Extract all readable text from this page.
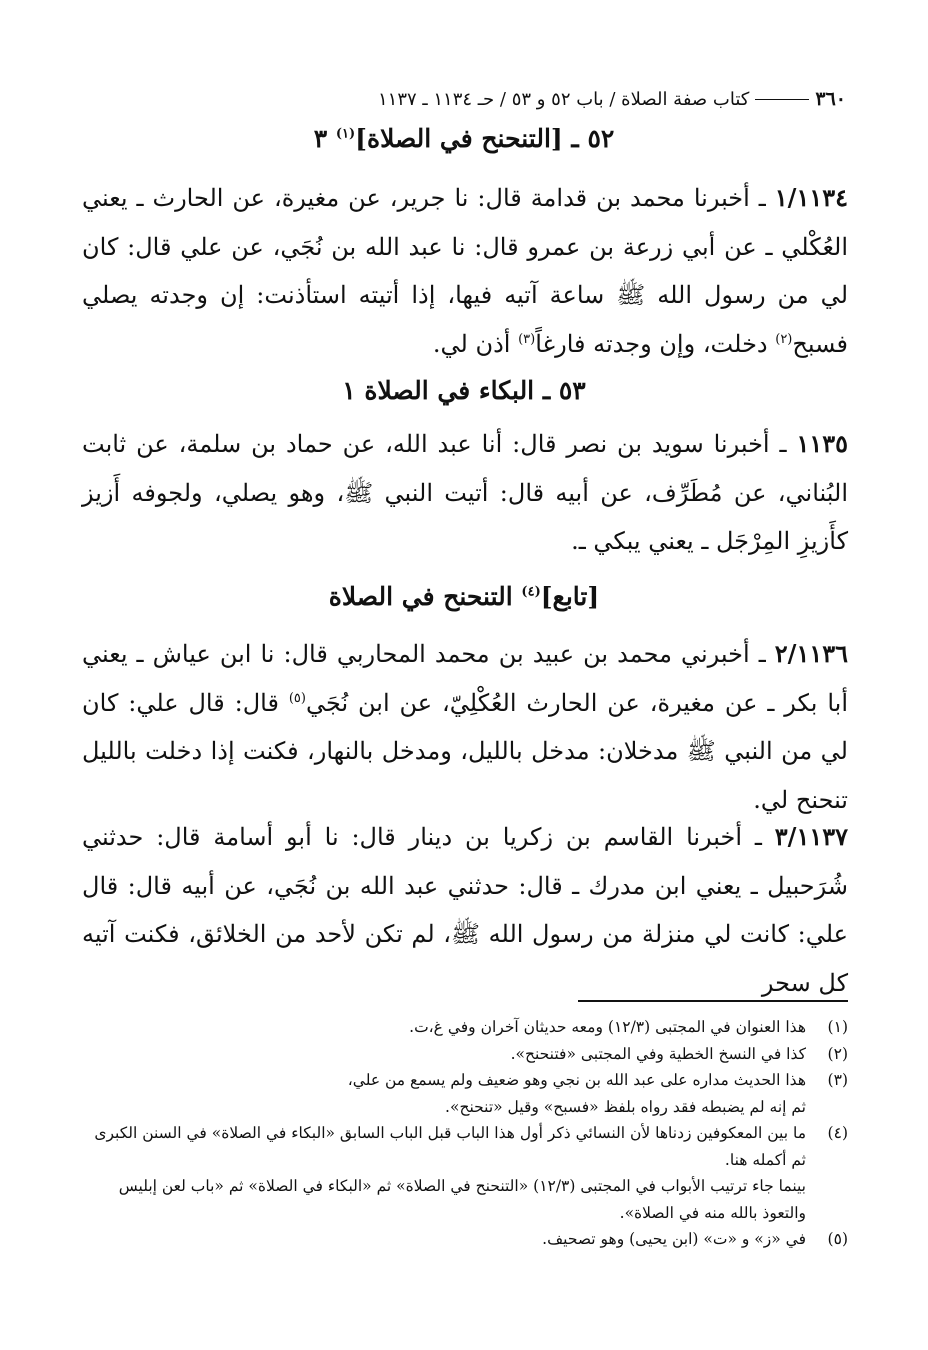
٣٦٠
كتاب صفة الصلاة / باب ٥٢ و ٥٣ / حـ ١١٣٤ ـ ١١٣٧
٥٢ ـ [التنحنح في الصلاة]$^{(١)}$ ٣
١/١١٣٤ ـ أخبرنا محمد بن قدامة قال: نا جرير، عن مغيرة، عن الحارث ـ يعني العُكْلي ـ عن أبي زرعة بن عمرو قال: نا عبد الله بن نُجَي، عن علي قال: كان لي من رسول الله ﷺ ساعة آتيه فيها، إذا أتيته استأذنت: إن وجدته يصلي فسبح$^{(٢)}$ دخلت، وإن وجدته فارغاً$^{(٣)}$ أذن لي.
٥٣ ـ البكاء في الصلاة ١
١١٣٥ ـ أخبرنا سويد بن نصر قال: أنا عبد الله، عن حماد بن سلمة، عن ثابت البُناني، عن مُطَرِّف، عن أبيه قال: أتيت النبي ﷺ، وهو يصلي، ولجوفه أَزيز كأَزيزِ المِرْجَل ـ يعني يبكي ـ.
[تابع]$^{(٤)}$ التنحنح في الصلاة
٢/١١٣٦ ـ أخبرني محمد بن عبيد بن محمد المحاربي قال: نا ابن عياش ـ يعني أبا بكر ـ عن مغيرة، عن الحارث العُكْلِيّ، عن ابن نُجَي$^{(٥)}$ قال: قال علي: كان لي من النبي ﷺ مدخلان: مدخل بالليل، ومدخل بالنهار، فكنت إذا دخلت بالليل تنحنح لي.
٣/١١٣٧ ـ أخبرنا القاسم بن زكريا بن دينار قال: نا أبو أسامة قال: حدثني شُرَحبيل ـ يعني ابن مدرك ـ قال: حدثني عبد الله بن نُجَي، عن أبيه قال: قال علي: كانت لي منزلة من رسول الله ﷺ، لم تكن لأحد من الخلائق، فكنت آتيه كل سحر
(١)
هذا العنوان في المجتبى (١٢/٣) ومعه حديثان آخران وفي غ،ت.
(٢)
كذا في النسخ الخطية وفي المجتبى «فتنحنح».
(٣)
هذا الحديث مداره على عبد الله بن نجي وهو ضعيف ولم يسمع من علي،
ثم إنه لم يضبطه فقد رواه بلفظ «فسبح» وقيل «تنحنح».
(٤)
ما بين المعكوفين زدناها لأن النسائي ذكر أول هذا الباب قبل الباب السابق «البكاء في الصلاة» في السنن الكبرى ثم أكمله هنا.
بينما جاء ترتيب الأبواب في المجتبى (١٢/٣) «التنحنح في الصلاة» ثم «البكاء في الصلاة» ثم «باب لعن إبليس والتعوذ بالله منه في الصلاة».
(٥)
في «ز» و «ت» (ابن يحيى) وهو تصحيف.
